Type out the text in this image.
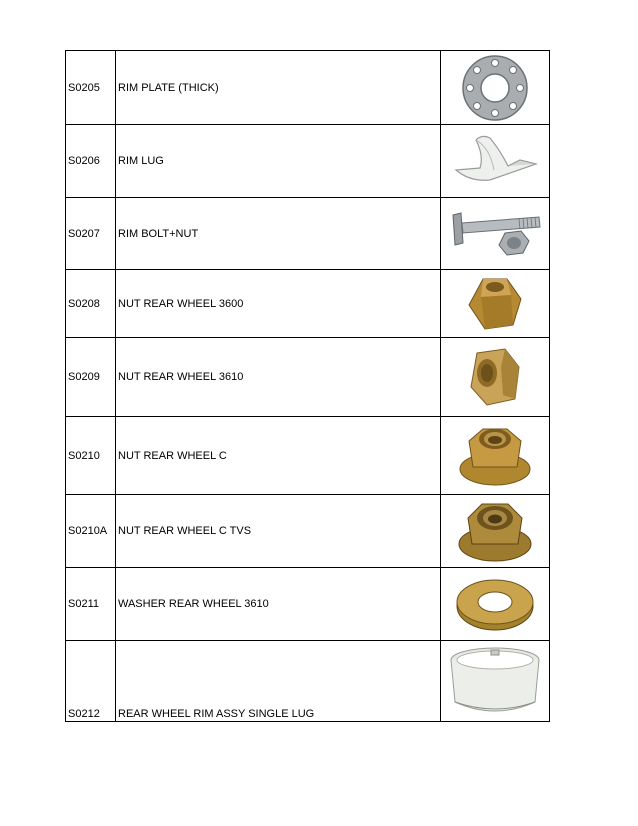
S0205	RIM PLATE (THICK)	

S0206	RIM LUG	

S0207	RIM BOLT+NUT	

S0208	NUT REAR WHEEL 3600	

S0209	NUT REAR WHEEL 3610	

S0210	NUT REAR WHEEL C	

S0210A	NUT REAR WHEEL C TVS	

S0211	WASHER REAR WHEEL 3610	

S0212	REAR WHEEL RIM ASSY SINGLE LUG	
